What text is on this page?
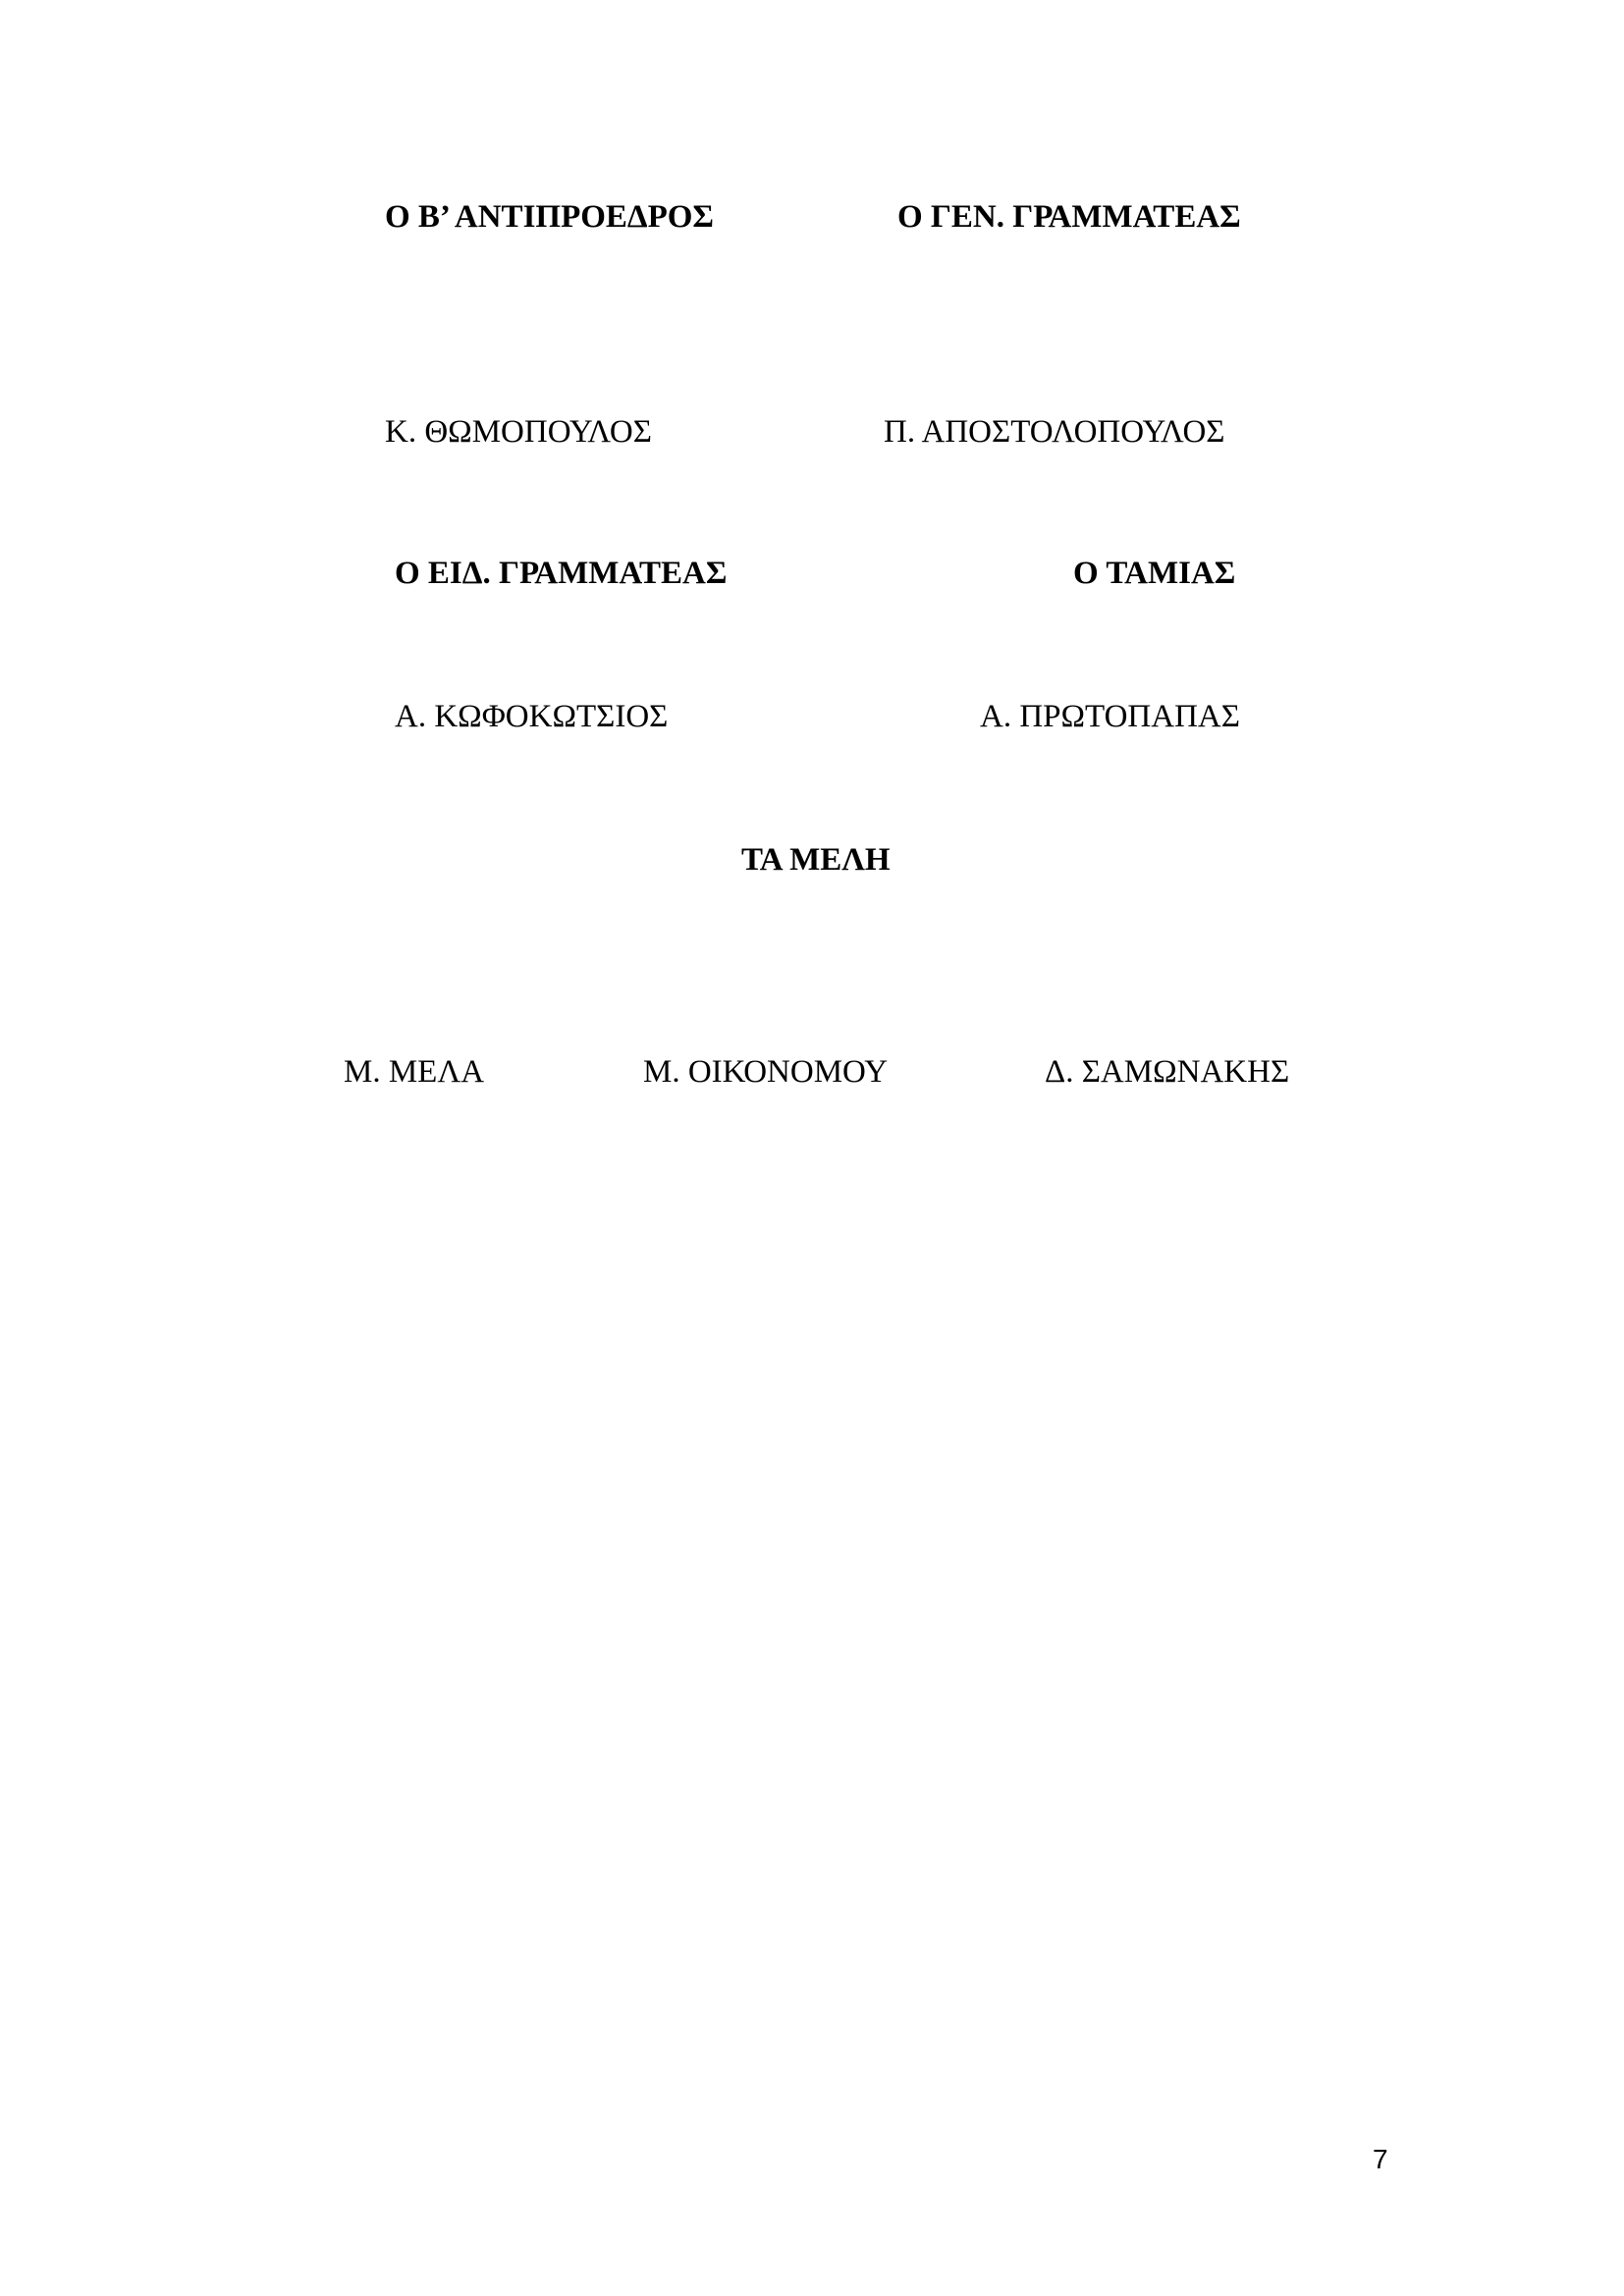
Ο Β’ ΑΝΤΙΠΡΟΕΔΡΟΣ	Ο ΓΕΝ. ΓΡΑΜΜΑΤΕΑΣ
Κ. ΘΩΜΟΠΟΥΛΟΣ	Π. ΑΠΟΣΤΟΛΟΠΟΥΛΟΣ
Ο ΕΙΔ. ΓΡΑΜΜΑΤΕΑΣ	Ο ΤΑΜΙΑΣ
Α. ΚΩΦΟΚΩΤΣΙΟΣ	Α. ΠΡΩΤΟΠΑΠΑΣ
ΤΑ ΜΕΛΗ
Μ. ΜΕΛΑ	Μ. ΟΙΚΟΝΟΜΟΥ	Δ. ΣΑΜΩΝΑΚΗΣ
7
